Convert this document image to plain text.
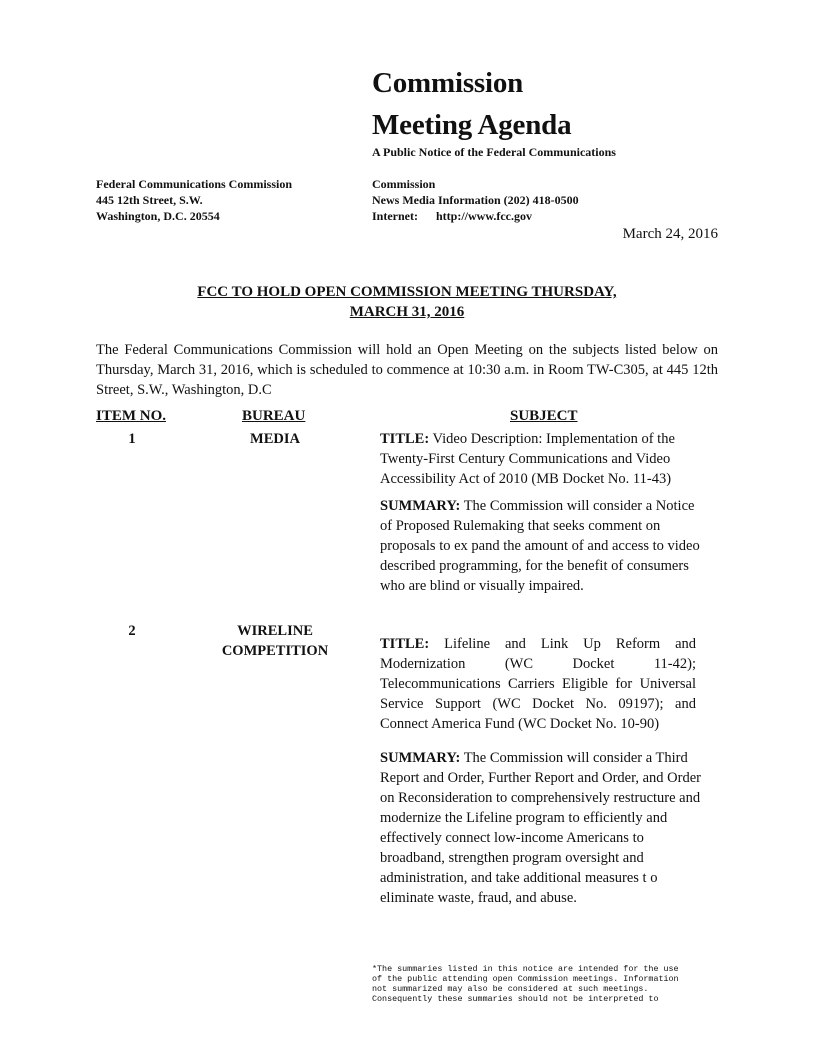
Commission
Meeting Agenda
A Public Notice of the Federal Communications
Federal Communications Commission
445 12th Street, S.W.
Washington, D.C. 20554
Commission
News Media Information (202) 418-0500
Internet: http://www.fcc.gov
March 24, 2016
FCC TO HOLD OPEN COMMISSION MEETING THURSDAY,
MARCH 31, 2016
The Federal Communications Commission will hold an Open Meeting on the subjects listed below on Thursday, March 31, 2016, which is scheduled to commence at 10:30 a.m. in Room TW-C305, at 445 12th Street, S.W., Washington, D.C
ITEM NO.	BUREAU	SUBJECT
1	MEDIA	TITLE: Video Description: Implementation of the Twenty-First Century Communications and Video Accessibility Act of 2010 (MB Docket No. 11-43)
SUMMARY: The Commission will consider a Notice of Proposed Rulemaking that seeks comment on proposals to ex pand the amount of and access to video described programming, for the benefit of consumers who are blind or visually impaired.
2	WIRELINE
COMPETITION	TITLE: Lifeline and Link Up Reform and Modernization (WC Docket 11-42); Telecommunications Carriers Eligible for Universal Service Support (WC Docket No. 09197); and Connect America Fund (WC Docket No. 10-90)
SUMMARY: The Commission will consider a Third Report and Order, Further Report and Order, and Order on Reconsideration to comprehensively restructure and modernize the Lifeline program to efficiently and effectively connect low-income Americans to broadband, strengthen program oversight and administration, and take additional measures t o eliminate waste, fraud, and abuse.
*The summaries listed in this notice are intended for the use
of the public attending open Commission meetings. Information
not summarized may also be considered at such meetings.
Consequently these summaries should not be interpreted to
